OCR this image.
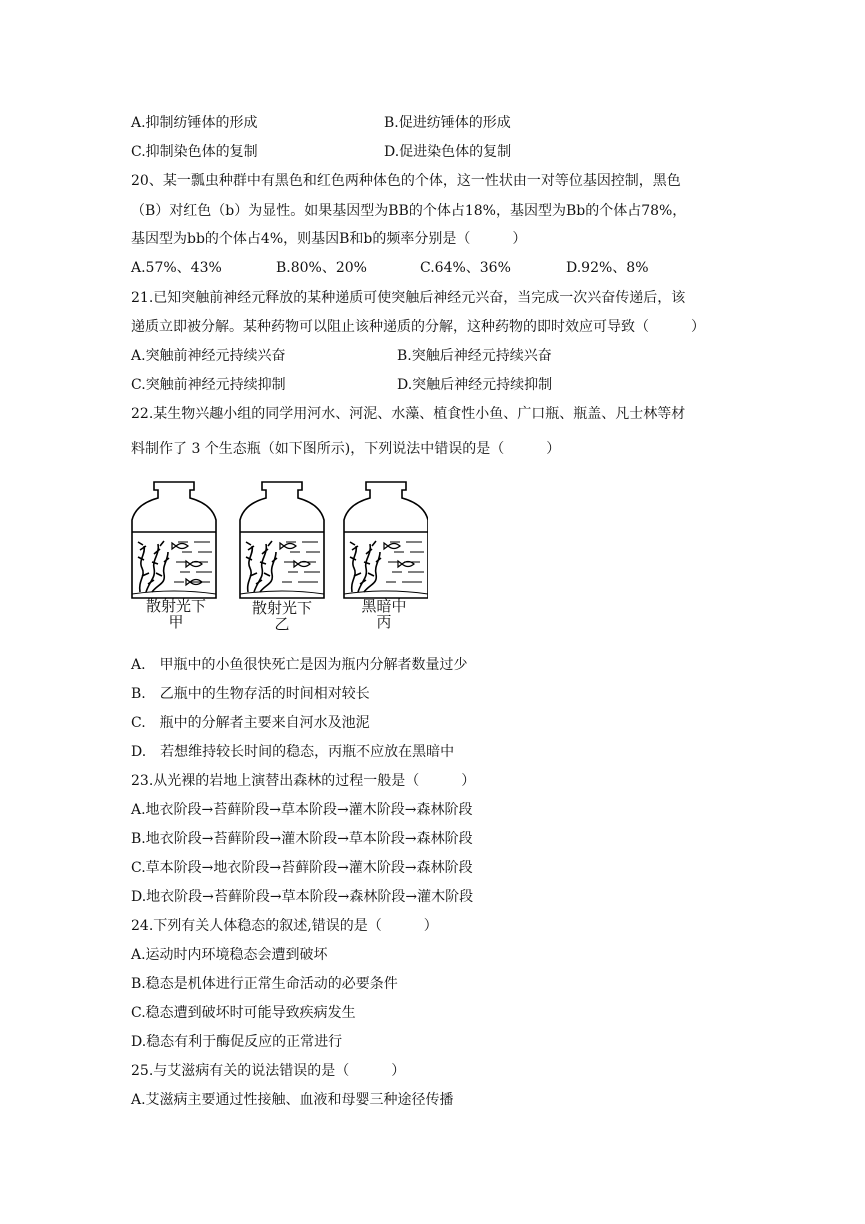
A.抑制纺锤体的形成	B.促进纺锤体的形成
C.抑制染色体的复制	D.促进染色体的复制
20、某一瓢虫种群中有黑色和红色两种体色的个体，这一性状由一对等位基因控制，黑色
（B）对红色（b）为显性。如果基因型为BB的个体占18%，基因型为Bb的个体占78%，
基因型为bb的个体占4%，则基因B和b的频率分别是（　　　）
A.57%、43%	B.80%、20%	C.64%、36%	D.92%、8%
21.已知突触前神经元释放的某种递质可使突触后神经元兴奋，当完成一次兴奋传递后，该
递质立即被分解。某种药物可以阻止该种递质的分解，这种药物的即时效应可导致（　　　）
A.突触前神经元持续兴奋	B.突触后神经元持续兴奋
C.突触前神经元持续抑制	D.突触后神经元持续抑制
22.某生物兴趣小组的同学用河水、河泥、水藻、植食性小鱼、广口瓶、瓶盖、凡士林等材
料制作了 3 个生态瓶（如下图所示)，下列说法中错误的是（　　　）
散射光下
甲
散射光下
乙
黑暗中
丙
A.　甲瓶中的小鱼很快死亡是因为瓶内分解者数量过少
B.　乙瓶中的生物存活的时间相对较长
C.　瓶中的分解者主要来自河水及池泥
D.　若想维持较长时间的稳态，丙瓶不应放在黑暗中
23.从光裸的岩地上演替出森林的过程一般是（　　　）
A.地衣阶段→苔藓阶段→草本阶段→灌木阶段→森林阶段
B.地衣阶段→苔藓阶段→灌木阶段→草本阶段→森林阶段
C.草本阶段→地衣阶段→苔藓阶段→灌木阶段→森林阶段
D.地衣阶段→苔藓阶段→草本阶段→森林阶段→灌木阶段
24.下列有关人体稳态的叙述,错误的是（　　　）
A.运动时内环境稳态会遭到破坏
B.稳态是机体进行正常生命活动的必要条件
C.稳态遭到破坏时可能导致疾病发生
D.稳态有利于酶促反应的正常进行
25.与艾滋病有关的说法错误的是（　　　）
A.艾滋病主要通过性接触、血液和母婴三种途径传播
